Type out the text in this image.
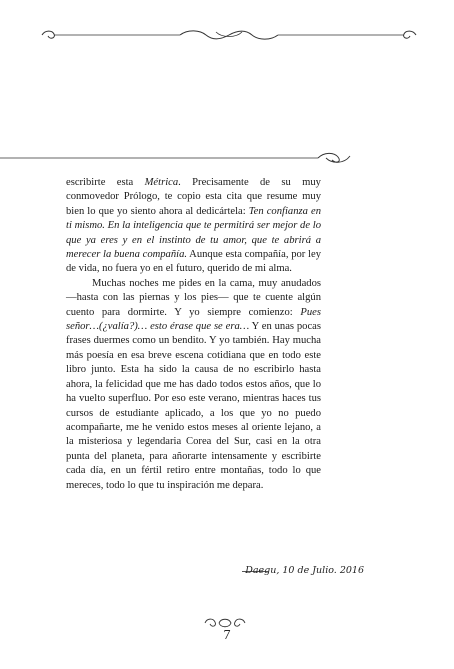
escribirte esta Métrica. Precisamente de su muy conmovedor Prólogo, te copio esta cita que resume muy bien lo que yo siento ahora al dedicártela: Ten confianza en ti mismo. En la inteligencia que te permitirá ser mejor de lo que ya eres y en el instinto de tu amor, que te abrirá a merecer la buena compañía. Aunque esta compañía, por ley de vida, no fuera yo en el futuro, querido de mi alma.

Muchas noches me pides en la cama, muy anudados —hasta con las piernas y los pies— que te cuente algún cuento para dormirte. Y yo siempre comienzo: Pues señor…(¿valía?)… esto érase que se era… Y en unas pocas frases duermes como un bendito. Y yo también. Hay mucha más poesía en esa breve escena cotidiana que en todo este libro junto. Esta ha sido la causa de no escribirlo hasta ahora, la felicidad que me has dado todos estos años, que lo ha vuelto superfluo. Por eso este verano, mientras haces tus cursos de estudiante aplicado, a los que yo no puedo acompañarte, me he venido estos meses al oriente lejano, a la misteriosa y legendaria Corea del Sur, casi en la otra punta del planeta, para añorarte intensamente y escribirte cada día, en un fértil retiro entre montañas, todo lo que mereces, todo lo que tu inspiración me depara.

Daegu, 10 de Julio. 2016
7
